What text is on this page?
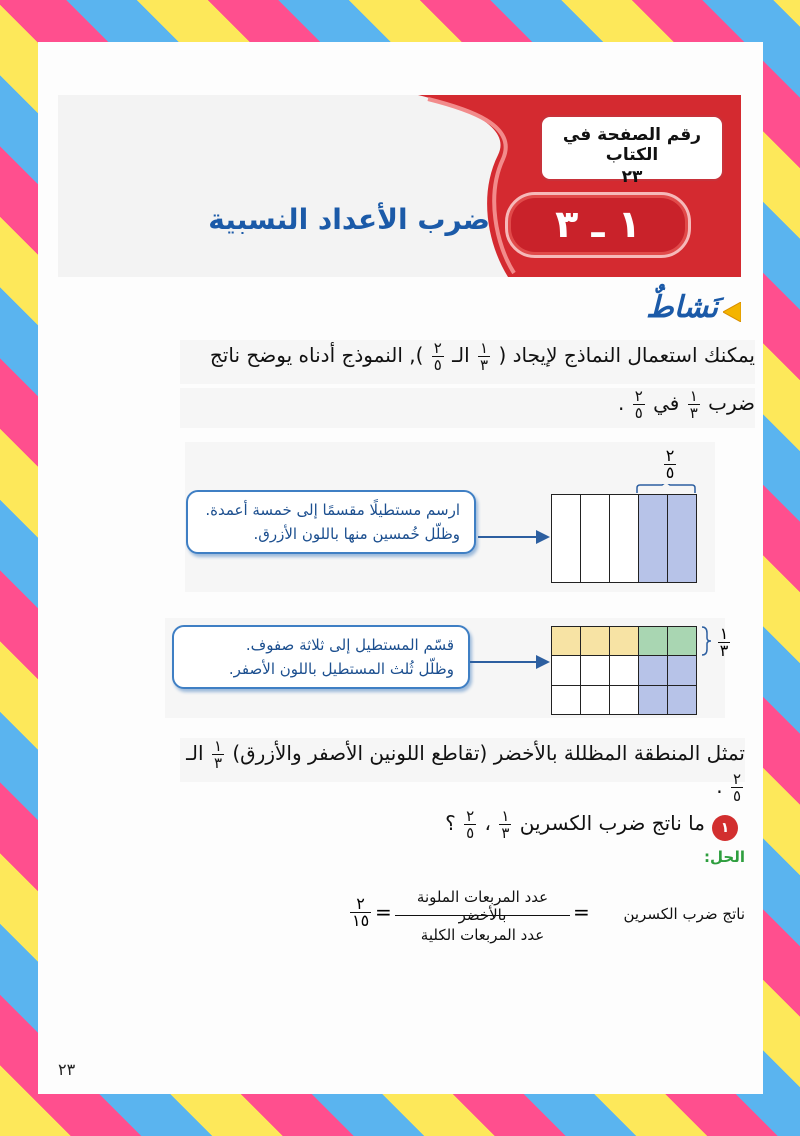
رقم الصفحة في الكتاب
٢٣
١ ـ ٣
ضرب الأعداد النسبية
نَشاطٌ
يمكنك استعمال النماذج لإيجاد (
$\frac{١}{٣}$
الـ
$\frac{٢}{٥}$
), النموذج أدناه يوضح ناتج
ضرب
$\frac{١}{٣}$
في
$\frac{٢}{٥}$
.
ارسم مستطيلًا مقسمًا إلى خمسة أعمدة.
وظلّل خُمسين منها باللون الأزرق.
$\frac{٢}{٥}$
قسّم المستطيل إلى ثلاثة صفوف.
وظلّل ثُلث المستطيل باللون الأصفر.
$\frac{١}{٣}$
تمثل المنطقة المظللة بالأخضر (تقاطع اللونين الأصفر والأزرق)
$\frac{١}{٣}$
الـ
$\frac{٢}{٥}$
.
١
ما ناتج ضرب الكسرين
$\frac{١}{٣}$
،
$\frac{٢}{٥}$
؟
الحل:
ناتج ضرب الكسرين
=
عدد المربعات الملونة بالأخضر
عدد المربعات الكلية
=
$\frac{٢}{١٥}$
٢٣
